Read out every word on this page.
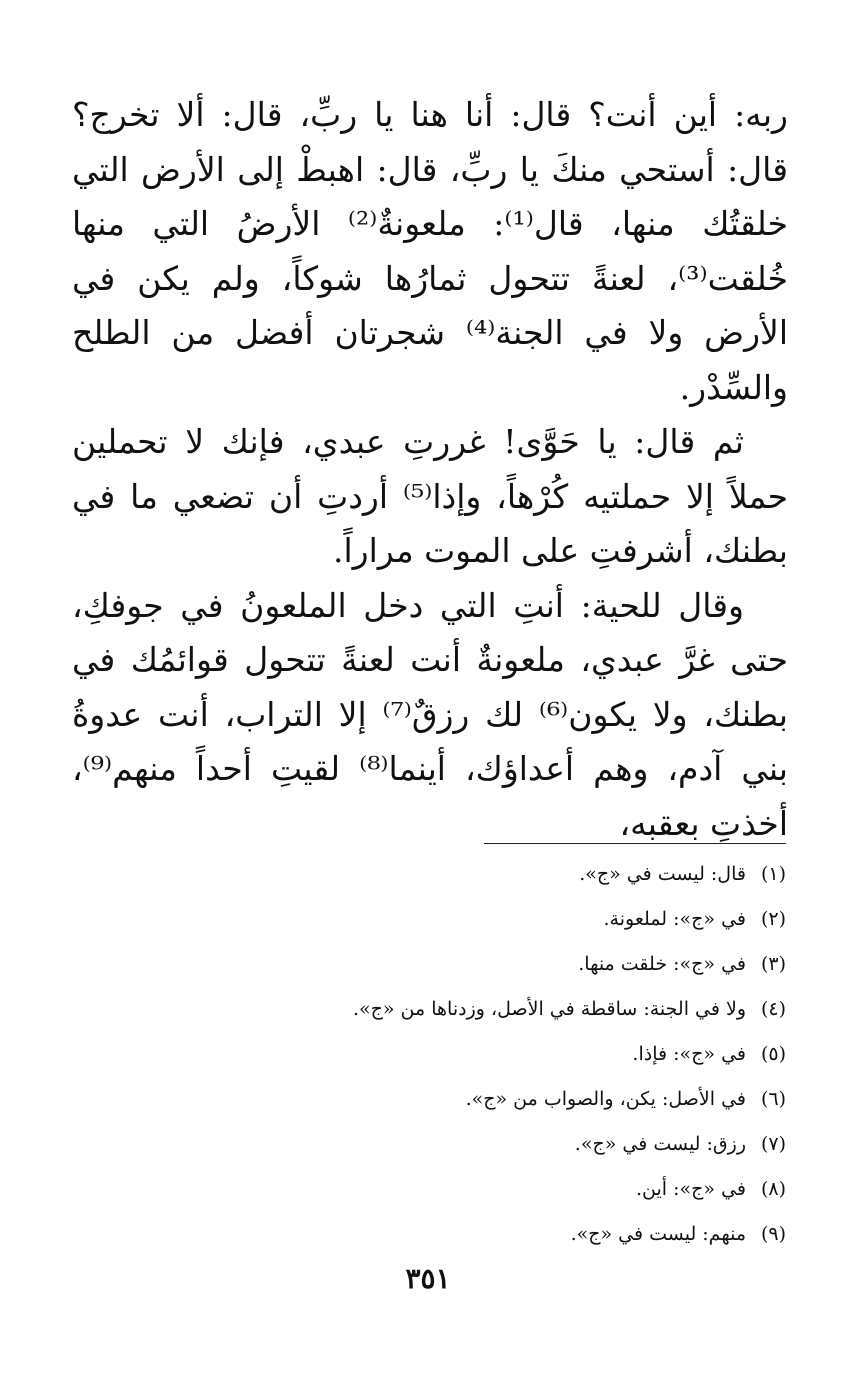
ربه: أين أنت؟ قال: أنا هنا يا ربِّ، قال: ألا تخرج؟ قال: أستحي منكَ يا ربِّ، قال: اهبطْ إلى الأرض التي خلقتُك منها، قال⁽¹⁾: ملعونةٌ⁽²⁾ الأرضُ التي منها خُلقت⁽³⁾، لعنةً تتحول ثمارُها شوكاً، ولم يكن في الأرض ولا في الجنة⁽⁴⁾ شجرتان أفضل من الطلح والسِّدْر.

ثم قال: يا حَوَّى! غررتِ عبدي، فإنك لا تحملين حملاً إلا حملتيه كُرْهاً، وإذا⁽⁵⁾ أردتِ أن تضعي ما في بطنك، أشرفتِ على الموت مراراً.

وقال للحية: أنتِ التي دخل الملعونُ في جوفكِ، حتى غرَّ عبدي، ملعونةٌ أنت لعنةً تتحول قوائمُك في بطنك، ولا يكون⁽⁶⁾ لك رزقٌ⁽⁷⁾ إلا التراب، أنت عدوةُ بني آدم، وهم أعداؤك، أينما⁽⁸⁾ لقيتِ أحداً منهم⁽⁹⁾، أخذتِ بعقبه،

(١)قال: ليست في «ج».
(٢)في «ج»: لملعونة.
(٣)في «ج»: خلقت منها.
(٤)ولا في الجنة: ساقطة في الأصل، وزدناها من «ج».
(٥)في «ج»: فإذا.
(٦)في الأصل: يكن، والصواب من «ج».
(٧)رزق: ليست في «ج».
(٨)في «ج»: أين.
(٩)منهم: ليست في «ج».
٣٥١
